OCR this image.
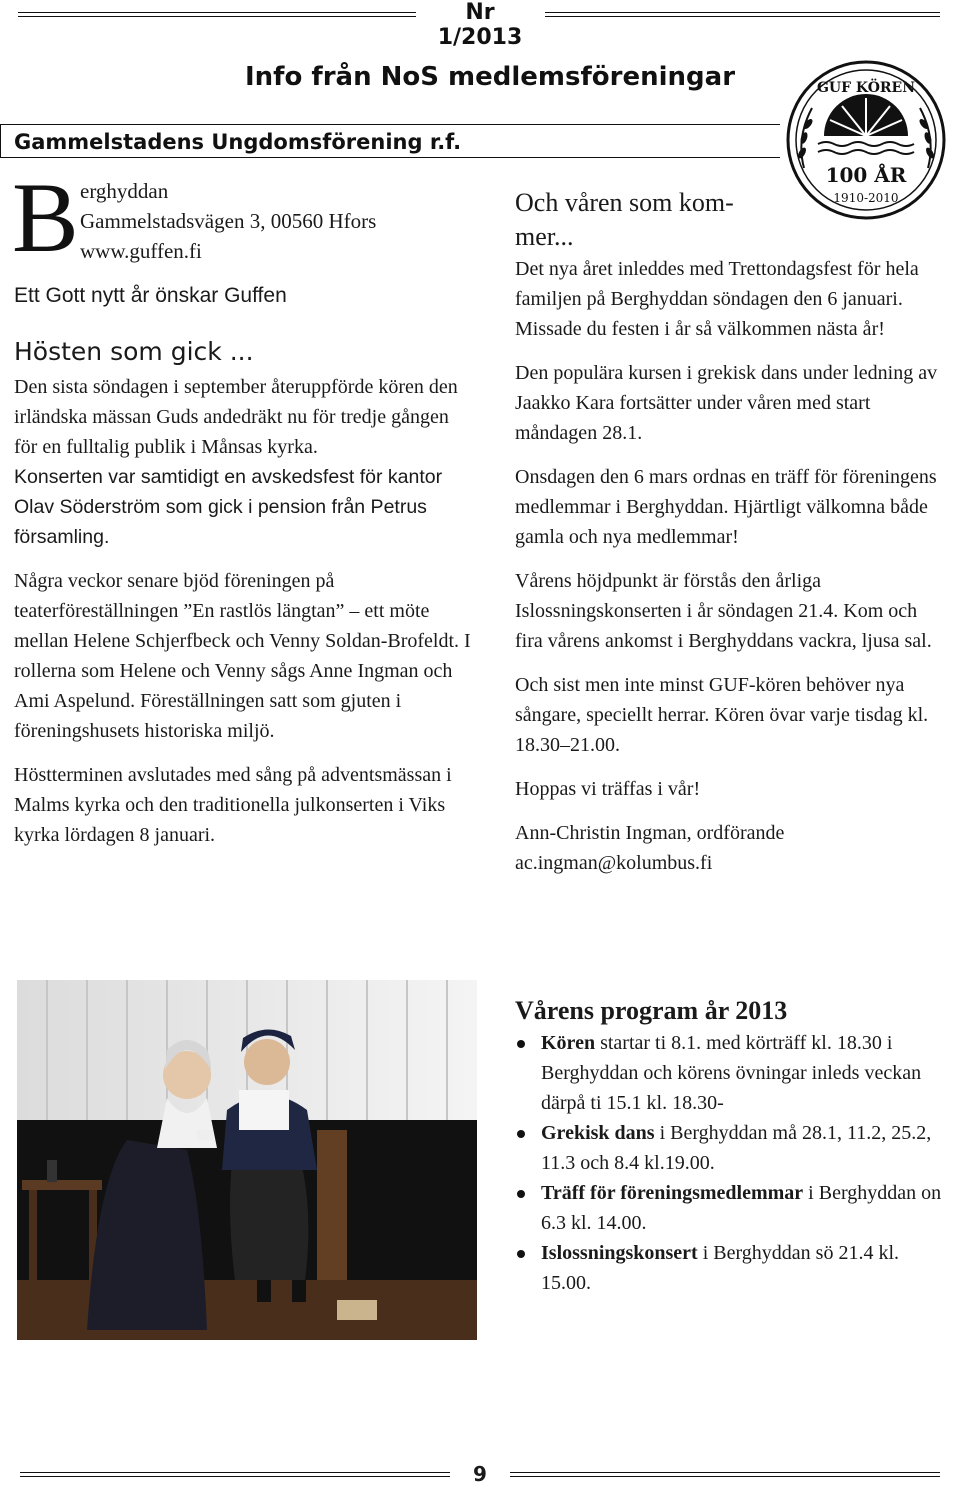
Nr 1/2013
Info från NoS medlemsföreningar
Gammelstadens Ungdomsförening r.f.
GUF KÖREN
100 ÅR
1910-2010
B erghyddan
Gammelstadsvägen 3, 00560 Hfors
www.guffen.fi
Ett Gott nytt år önskar Guffen
Hösten som gick ...

Den sista söndagen i september återuppförde kören den irländska mässan Guds andedräkt nu för tredje gången för en fulltalig publik i Månsas kyrka.

Konserten var samtidigt en avskedsfest för kantor Olav Söderström som gick i pension från Petrus församling.

Några veckor senare bjöd föreningen på teaterföreställningen ”En rastlös längtan” – ett möte mellan Helene Schjerfbeck och Venny Soldan-Brofeldt. I rollerna som Helene och Venny sågs Anne Ingman och Ami Aspelund. Föreställningen satt som gjuten i föreningshusets historiska miljö.

Höstterminen avslutades med sång på adventsmässan i Malms kyrka och den traditionella julkonserten i Viks kyrka lördagen 8 januari.

Och våren som kom-
mer...

Det nya året inleddes med Trettondagsfest för hela familjen på Berghyddan söndagen den 6 januari. Missade du festen i år så välkommen nästa år!

Den populära kursen i grekisk dans under ledning av Jaakko Kara fortsätter under våren med start måndagen 28.1.

Onsdagen den 6 mars ordnas en träff för föreningens medlemmar i Berghyddan. Hjärtligt välkomna både gamla och nya medlemmar!

Vårens höjdpunkt är förstås den årliga Islossningskonserten i år söndagen 21.4. Kom och fira vårens ankomst i Berghyddans vackra, ljusa sal.

Och sist men inte minst GUF-kören behöver nya sångare, speciellt herrar. Kören övar varje tisdag kl. 18.30–21.00.

Hoppas vi träffas i vår!

Ann-Christin Ingman, ordförande
ac.ingman@kolumbus.fi
Vårens program år 2013
Kören startar ti 8.1. med körträff kl. 18.30 i Berghyddan och körens övningar inleds veckan därpå ti 15.1 kl. 18.30-
Grekisk dans i Berghyddan må 28.1, 11.2, 25.2, 11.3 och 8.4 kl.19.00.
Träff för föreningsmedlemmar i Berghyddan on 6.3 kl. 14.00.
Islossningskonsert i Berghyddan sö 21.4 kl. 15.00.
9
